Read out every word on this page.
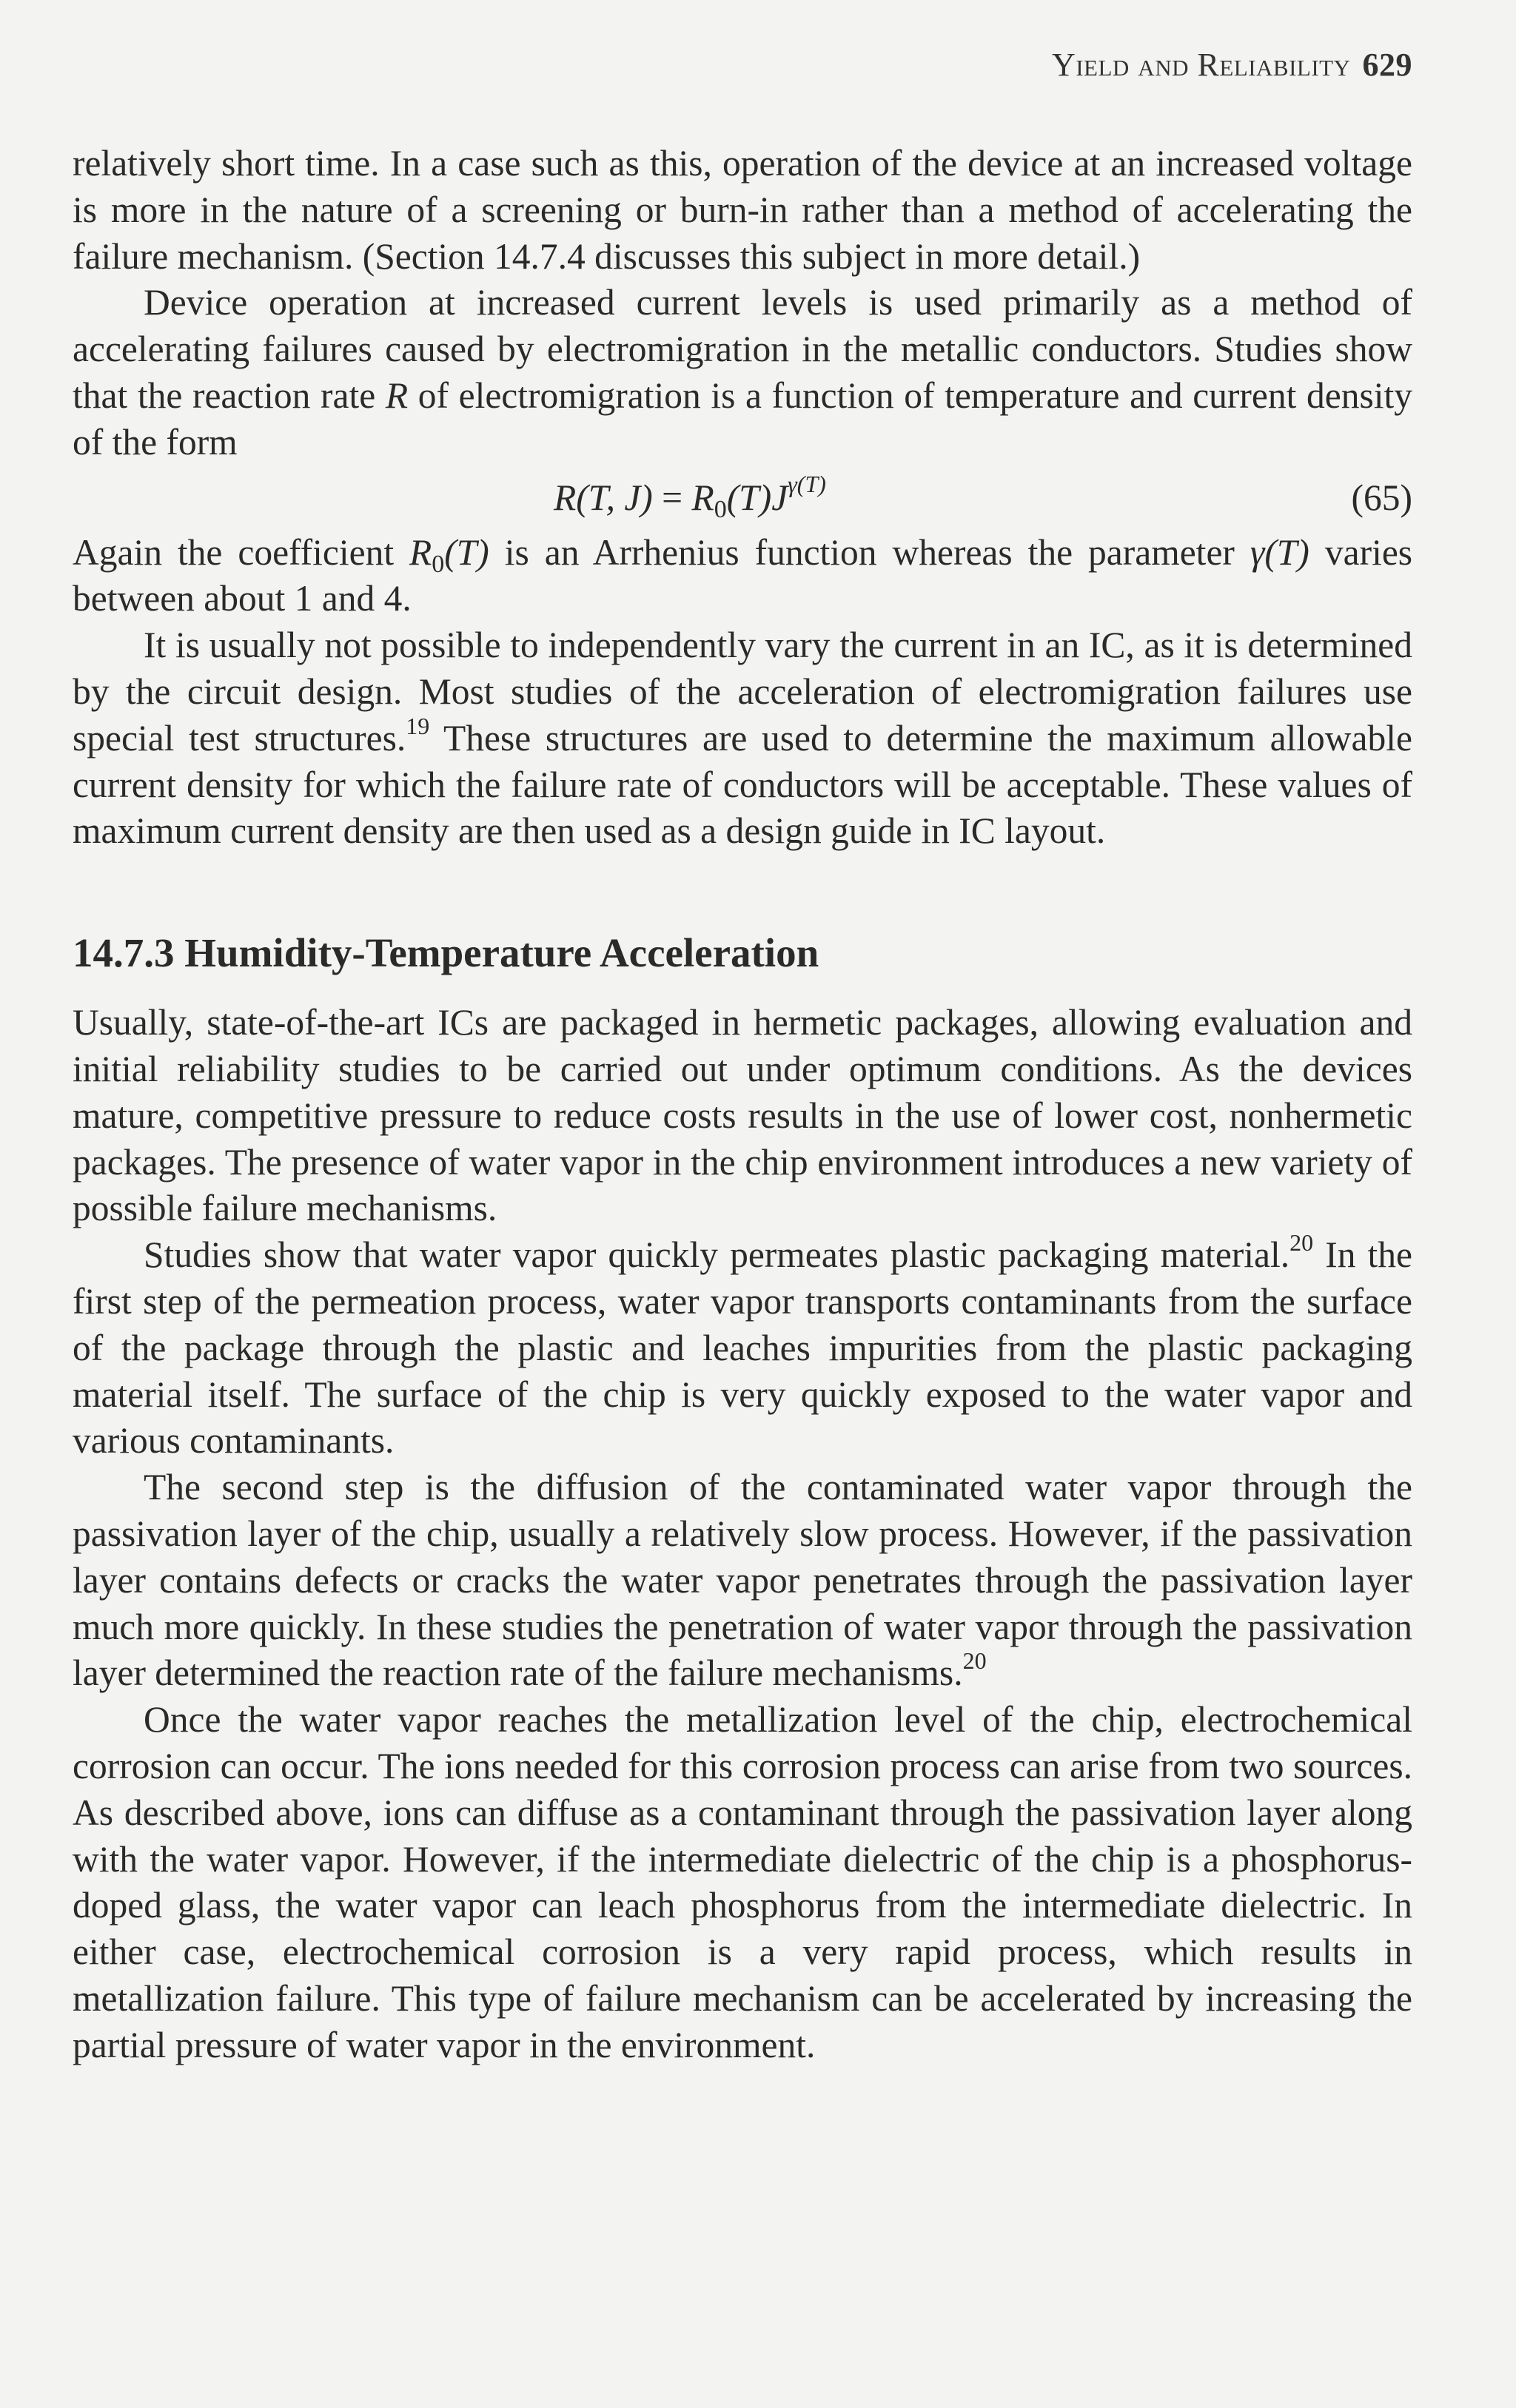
Yield and Reliability 629

relatively short time. In a case such as this, operation of the device at an increased voltage is more in the nature of a screening or burn-in rather than a method of accelerating the failure mechanism. (Section 14.7.4 discusses this subject in more detail.)

Device operation at increased current levels is used primarily as a method of accelerating failures caused by electromigration in the metallic conductors. Studies show that the reaction rate R of electromigration is a function of temperature and current density of the form

R(T, $J) = R_0(T)J^{\gamma(T)}$	(65)

Again the coefficient $R_0(T)$ is an Arrhenius function whereas the parameter γ(T) varies between about 1 and 4.

It is usually not possible to independently vary the current in an IC, as it is determined by the circuit design. Most studies of the acceleration of electromigration failures use special test structures.$^{19}$ These structures are used to determine the maximum allowable current density for which the failure rate of conductors will be acceptable. These values of maximum current density are then used as a design guide in IC layout.

14.7.3 Humidity-Temperature Acceleration

Usually, state-of-the-art ICs are packaged in hermetic packages, allowing evaluation and initial reliability studies to be carried out under optimum conditions. As the devices mature, competitive pressure to reduce costs results in the use of lower cost, nonhermetic packages. The presence of water vapor in the chip environment introduces a new variety of possible failure mechanisms.

Studies show that water vapor quickly permeates plastic packaging material.$^{20}$ In the first step of the permeation process, water vapor transports contaminants from the surface of the package through the plastic and leaches impurities from the plastic packaging material itself. The surface of the chip is very quickly exposed to the water vapor and various contaminants.

The second step is the diffusion of the contaminated water vapor through the passivation layer of the chip, usually a relatively slow process. However, if the passivation layer contains defects or cracks the water vapor penetrates through the passivation layer much more quickly. In these studies the penetration of water vapor through the passivation layer determined the reaction rate of the failure mechanisms.$^{20}$

Once the water vapor reaches the metallization level of the chip, electrochemical corrosion can occur. The ions needed for this corrosion process can arise from two sources. As described above, ions can diffuse as a contaminant through the passivation layer along with the water vapor. However, if the intermediate dielectric of the chip is a phosphorus-doped glass, the water vapor can leach phosphorus from the intermediate dielectric. In either case, electrochemical corrosion is a very rapid process, which results in metallization failure. This type of failure mechanism can be accelerated by increasing the partial pressure of water vapor in the environment.
